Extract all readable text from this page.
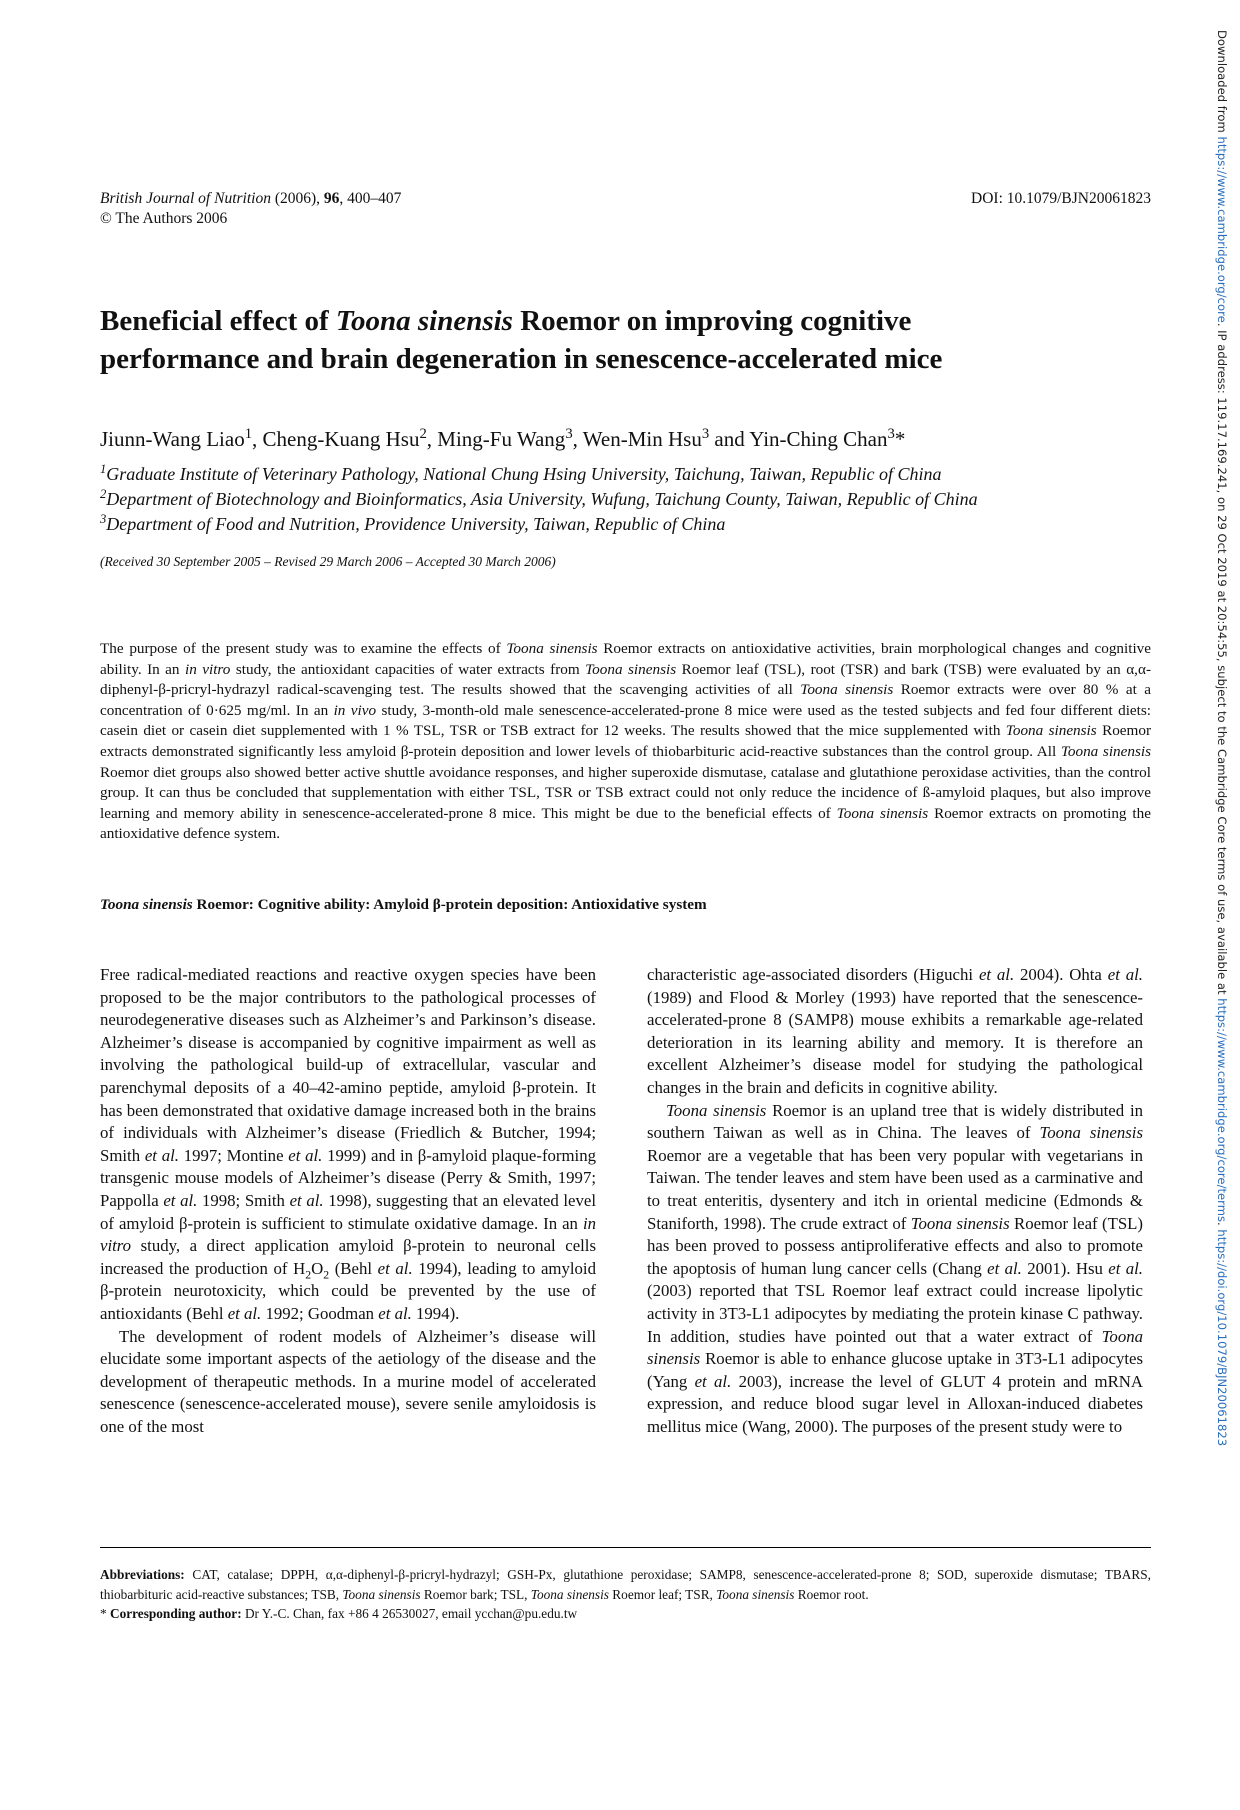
British Journal of Nutrition (2006), 96, 400–407
© The Authors 2006
DOI: 10.1079/BJN20061823
Beneficial effect of Toona sinensis Roemor on improving cognitive
performance and brain degeneration in senescence-accelerated mice
Jiunn-Wang Liao$^1$, Cheng-Kuang Hsu$^2$, Ming-Fu Wang$^3$, Wen-Min Hsu$^3$ and Yin-Ching Chan$^3$*
$^1$Graduate Institute of Veterinary Pathology, National Chung Hsing University, Taichung, Taiwan, Republic of China
$^2$Department of Biotechnology and Bioinformatics, Asia University, Wufung, Taichung County, Taiwan, Republic of China
$^3$Department of Food and Nutrition, Providence University, Taiwan, Republic of China
(Received 30 September 2005 – Revised 29 March 2006 – Accepted 30 March 2006)
The purpose of the present study was to examine the effects of Toona sinensis Roemor extracts on antioxidative activities, brain morphological changes and cognitive ability. In an in vitro study, the antioxidant capacities of water extracts from Toona sinensis Roemor leaf (TSL), root (TSR) and bark (TSB) were evaluated by an α,α-diphenyl-β-pricryl-hydrazyl radical-scavenging test. The results showed that the scavenging activities of all Toona sinensis Roemor extracts were over 80 % at a concentration of 0·625 mg/ml. In an in vivo study, 3-month-old male senescence-accelerated-prone 8 mice were used as the tested subjects and fed four different diets: casein diet or casein diet supplemented with 1 % TSL, TSR or TSB extract for 12 weeks. The results showed that the mice supplemented with Toona sinensis Roemor extracts demonstrated significantly less amyloid β-protein deposition and lower levels of thiobarbituric acid-reactive substances than the control group. All Toona sinensis Roemor diet groups also showed better active shuttle avoidance responses, and higher superoxide dismutase, catalase and glutathione peroxidase activities, than the control group. It can thus be concluded that supplementation with either TSL, TSR or TSB extract could not only reduce the incidence of ß-amyloid plaques, but also improve learning and memory ability in senescence-accelerated-prone 8 mice. This might be due to the beneficial effects of Toona sinensis Roemor extracts on promoting the antioxidative defence system.
Toona sinensis Roemor: Cognitive ability: Amyloid β-protein deposition: Antioxidative system

Free radical-mediated reactions and reactive oxygen species have been proposed to be the major contributors to the pathological processes of neurodegenerative diseases such as Alzheimer’s and Parkinson’s disease. Alzheimer’s disease is accompanied by cognitive impairment as well as involving the pathological build-up of extracellular, vascular and parenchymal deposits of a 40–42-amino peptide, amyloid β-protein. It has been demonstrated that oxidative damage increased both in the brains of individuals with Alzheimer’s disease (Friedlich & Butcher, 1994; Smith et al. 1997; Montine et al. 1999) and in β-amyloid plaque-forming transgenic mouse models of Alzheimer’s disease (Perry & Smith, 1997; Pappolla et al. 1998; Smith et al. 1998), suggesting that an elevated level of amyloid β-protein is sufficient to stimulate oxidative damage. In an in vitro study, a direct application amyloid β-protein to neuronal cells increased the production of $H_2O_2$ (Behl et al. 1994), leading to amyloid β-protein neurotoxicity, which could be prevented by the use of antioxidants (Behl et al. 1992; Goodman et al. 1994).

The development of rodent models of Alzheimer’s disease will elucidate some important aspects of the aetiology of the disease and the development of therapeutic methods. In a murine model of accelerated senescence (senescence-accelerated mouse), severe senile amyloidosis is one of the most

characteristic age-associated disorders (Higuchi et al. 2004). Ohta et al. (1989) and Flood & Morley (1993) have reported that the senescence-accelerated-prone 8 (SAMP8) mouse exhibits a remarkable age-related deterioration in its learning ability and memory. It is therefore an excellent Alzheimer’s disease model for studying the pathological changes in the brain and deficits in cognitive ability.

Toona sinensis Roemor is an upland tree that is widely distributed in southern Taiwan as well as in China. The leaves of Toona sinensis Roemor are a vegetable that has been very popular with vegetarians in Taiwan. The tender leaves and stem have been used as a carminative and to treat enteritis, dysentery and itch in oriental medicine (Edmonds & Staniforth, 1998). The crude extract of Toona sinensis Roemor leaf (TSL) has been proved to possess antiproliferative effects and also to promote the apoptosis of human lung cancer cells (Chang et al. 2001). Hsu et al. (2003) reported that TSL Roemor leaf extract could increase lipolytic activity in 3T3-L1 adipocytes by mediating the protein kinase C pathway. In addition, studies have pointed out that a water extract of Toona sinensis Roemor is able to enhance glucose uptake in 3T3-L1 adipocytes (Yang et al. 2003), increase the level of GLUT 4 protein and mRNA expression, and reduce blood sugar level in Alloxan-induced diabetes mellitus mice (Wang, 2000). The purposes of the present study were to

Abbreviations: CAT, catalase; DPPH, α,α-diphenyl-β-pricryl-hydrazyl; GSH-Px, glutathione peroxidase; SAMP8, senescence-accelerated-prone 8; SOD, superoxide dismutase; TBARS, thiobarbituric acid-reactive substances; TSB, Toona sinensis Roemor bark; TSL, Toona sinensis Roemor leaf; TSR, Toona sinensis Roemor root.

* Corresponding author: Dr Y.-C. Chan, fax +86 4 26530027, email ycchan@pu.edu.tw

Downloaded from https://www.cambridge.org/core. IP address: 119.17.169.241, on 29 Oct 2019 at 20:54:55, subject to the Cambridge Core terms of use, available at https://www.cambridge.org/core/terms. https://doi.org/10.1079/BJN20061823
